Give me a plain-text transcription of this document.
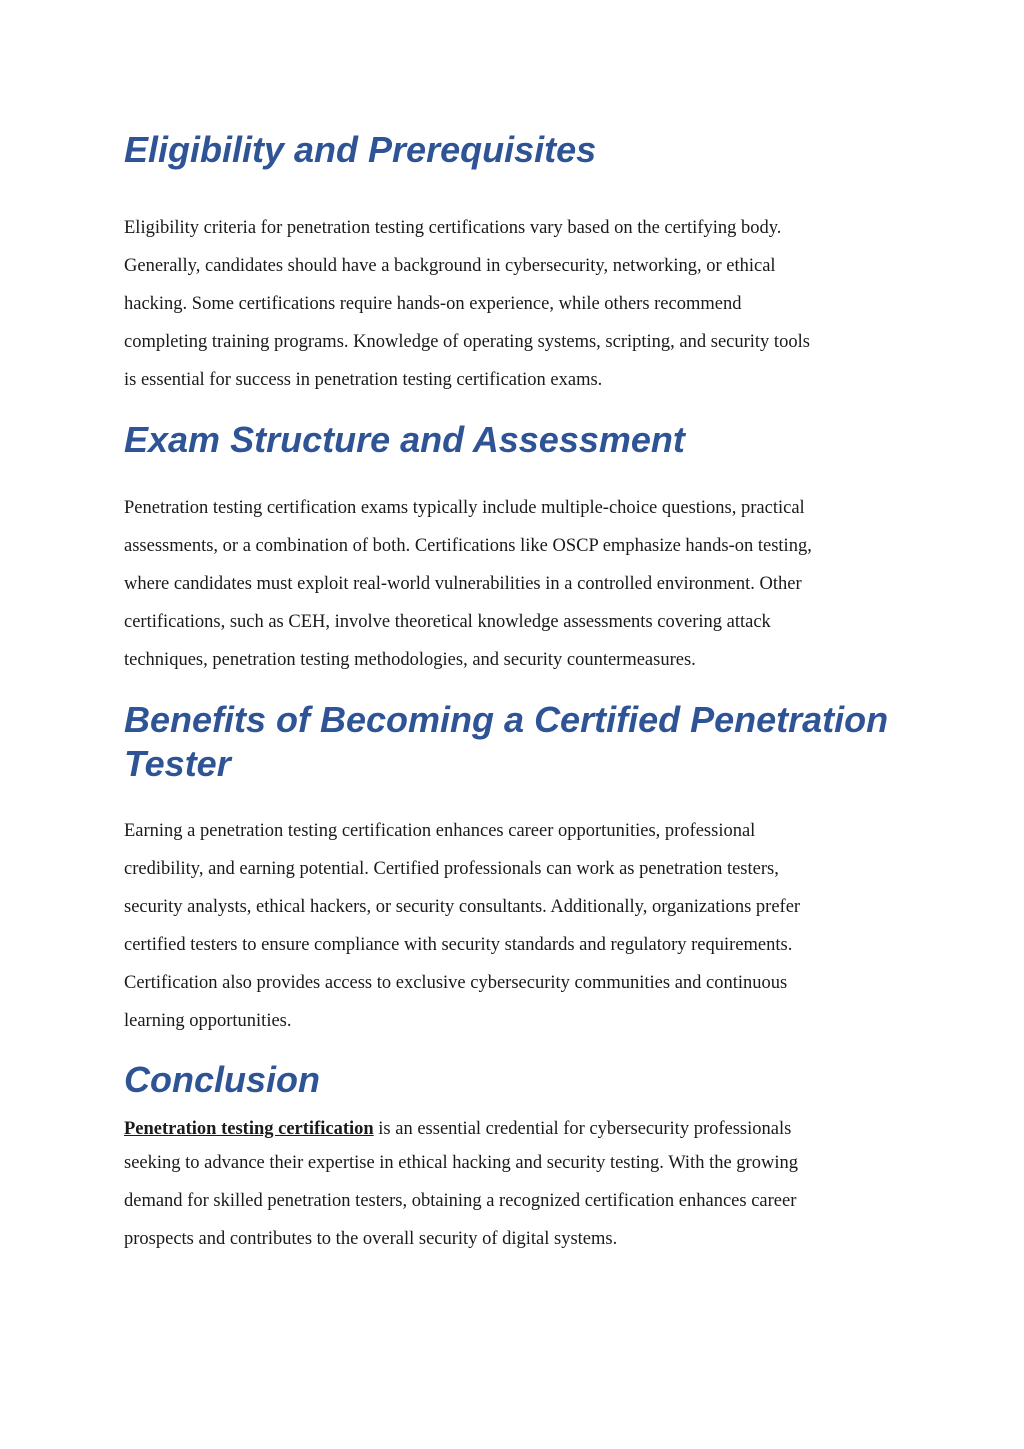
Eligibility and Prerequisites
Eligibility criteria for penetration testing certifications vary based on the certifying body.
Generally, candidates should have a background in cybersecurity, networking, or ethical
hacking. Some certifications require hands-on experience, while others recommend
completing training programs. Knowledge of operating systems, scripting, and security tools
is essential for success in penetration testing certification exams.
Exam Structure and Assessment
Penetration testing certification exams typically include multiple-choice questions, practical
assessments, or a combination of both. Certifications like OSCP emphasize hands-on testing,
where candidates must exploit real-world vulnerabilities in a controlled environment. Other
certifications, such as CEH, involve theoretical knowledge assessments covering attack
techniques, penetration testing methodologies, and security countermeasures.
Benefits of Becoming a Certified Penetration
Tester
Earning a penetration testing certification enhances career opportunities, professional
credibility, and earning potential. Certified professionals can work as penetration testers,
security analysts, ethical hackers, or security consultants. Additionally, organizations prefer
certified testers to ensure compliance with security standards and regulatory requirements.
Certification also provides access to exclusive cybersecurity communities and continuous
learning opportunities.
Conclusion
Penetration testing certification is an essential credential for cybersecurity professionals
seeking to advance their expertise in ethical hacking and security testing. With the growing
demand for skilled penetration testers, obtaining a recognized certification enhances career
prospects and contributes to the overall security of digital systems.
